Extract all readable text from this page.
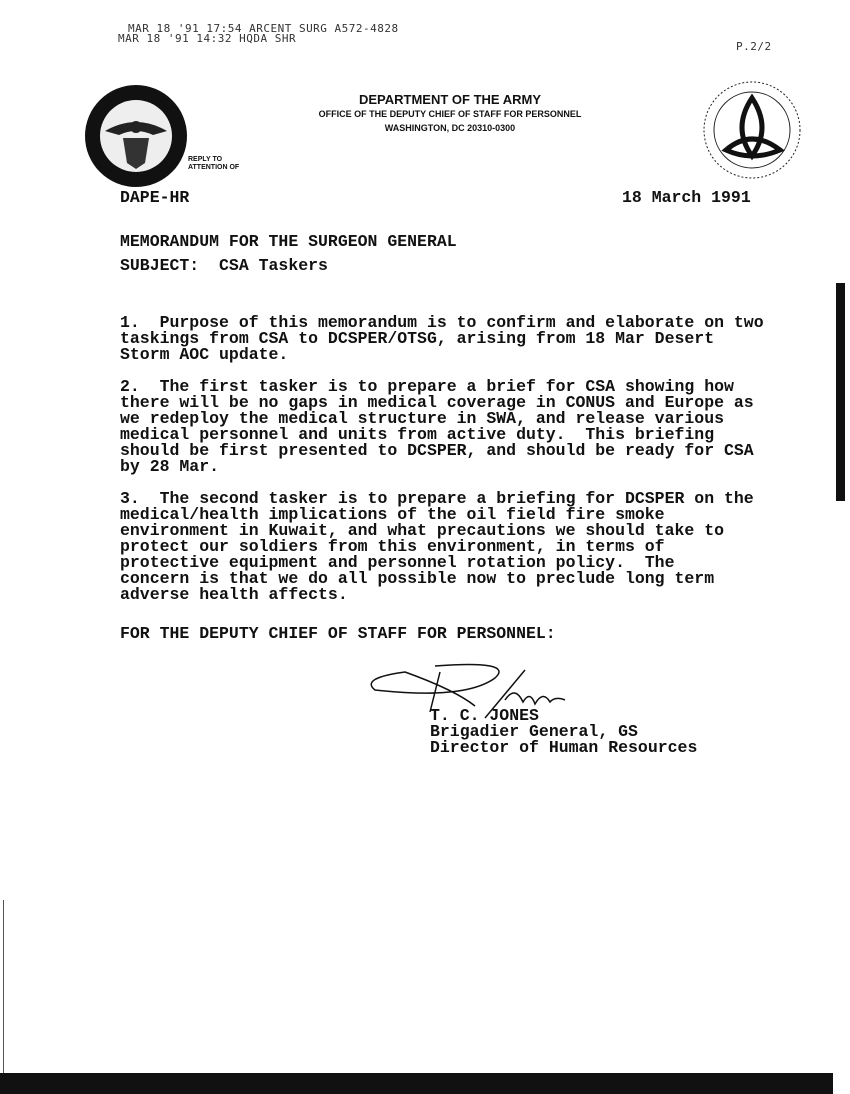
MAR 18 '91 17:54 ARCENT SURG A572-4828
MAR 18 '91 14:32 HQDA SHR
P.2/2
REPLY TO
ATTENTION OF
DEPARTMENT OF THE ARMY
OFFICE OF THE DEPUTY CHIEF OF STAFF FOR PERSONNEL
WASHINGTON, DC 20310-0300
DAPE-HR	18 March 1991
MEMORANDUM FOR THE SURGEON GENERAL
SUBJECT:  CSA Taskers

1.  Purpose of this memorandum is to confirm and elaborate on two
taskings from CSA to DCSPER/OTSG, arising from 18 Mar Desert
Storm AOC update.

2.  The first tasker is to prepare a brief for CSA showing how
there will be no gaps in medical coverage in CONUS and Europe as
we redeploy the medical structure in SWA, and release various
medical personnel and units from active duty.  This briefing
should be first presented to DCSPER, and should be ready for CSA
by 28 Mar.

3.  The second tasker is to prepare a briefing for DCSPER on the
medical/health implications of the oil field fire smoke
environment in Kuwait, and what precautions we should take to
protect our soldiers from this environment, in terms of
protective equipment and personnel rotation policy.  The
concern is that we do all possible now to preclude long term
adverse health affects.

FOR THE DEPUTY CHIEF OF STAFF FOR PERSONNEL:
T. C. JONES
Brigadier General, GS
Director of Human Resources
